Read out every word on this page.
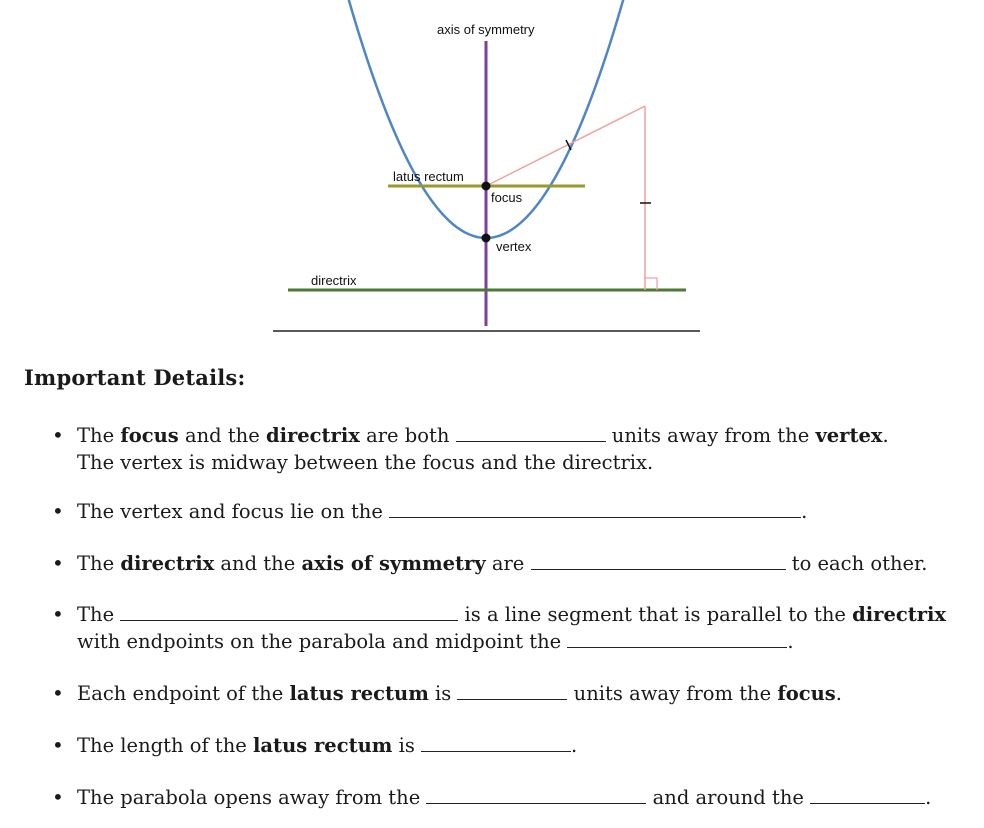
axis of symmetry
latus rectum
focus
vertex
directrix
Important Details:
• The focus and the directrix are both	units away from the vertex.
The vertex is midway between the focus and the directrix.
• The vertex and focus lie on the	.
• The directrix and the axis of symmetry are	to each other.
• The	is a line segment that is parallel to the directrix
with endpoints on the parabola and midpoint the	.
• Each endpoint of the latus rectum is	units away from the focus.
• The length of the latus rectum is	.
• The parabola opens away from the	and around the	.
